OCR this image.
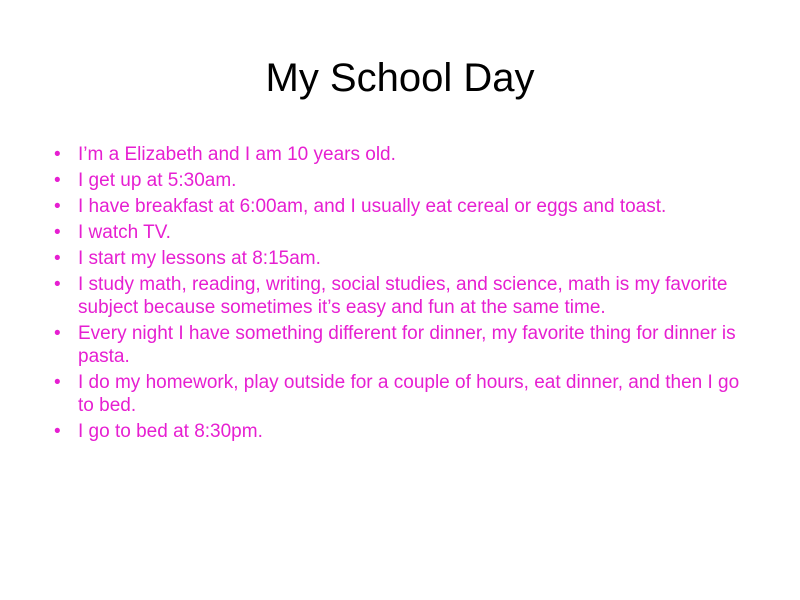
My School Day
• I’m a Elizabeth and I am 10 years old.
• I get up at 5:30am.
• I have breakfast at 6:00am, and I usually eat cereal or eggs and toast.
• I watch TV.
• I start my lessons at 8:15am.
• I study math, reading, writing, social studies, and science, math is my favorite subject because sometimes it’s easy and fun at the same time.
• Every night I have something different for dinner, my favorite thing for dinner is pasta.
• I do my homework, play outside for a couple of hours, eat dinner, and then I go to bed.
• I go to bed at 8:30pm.
